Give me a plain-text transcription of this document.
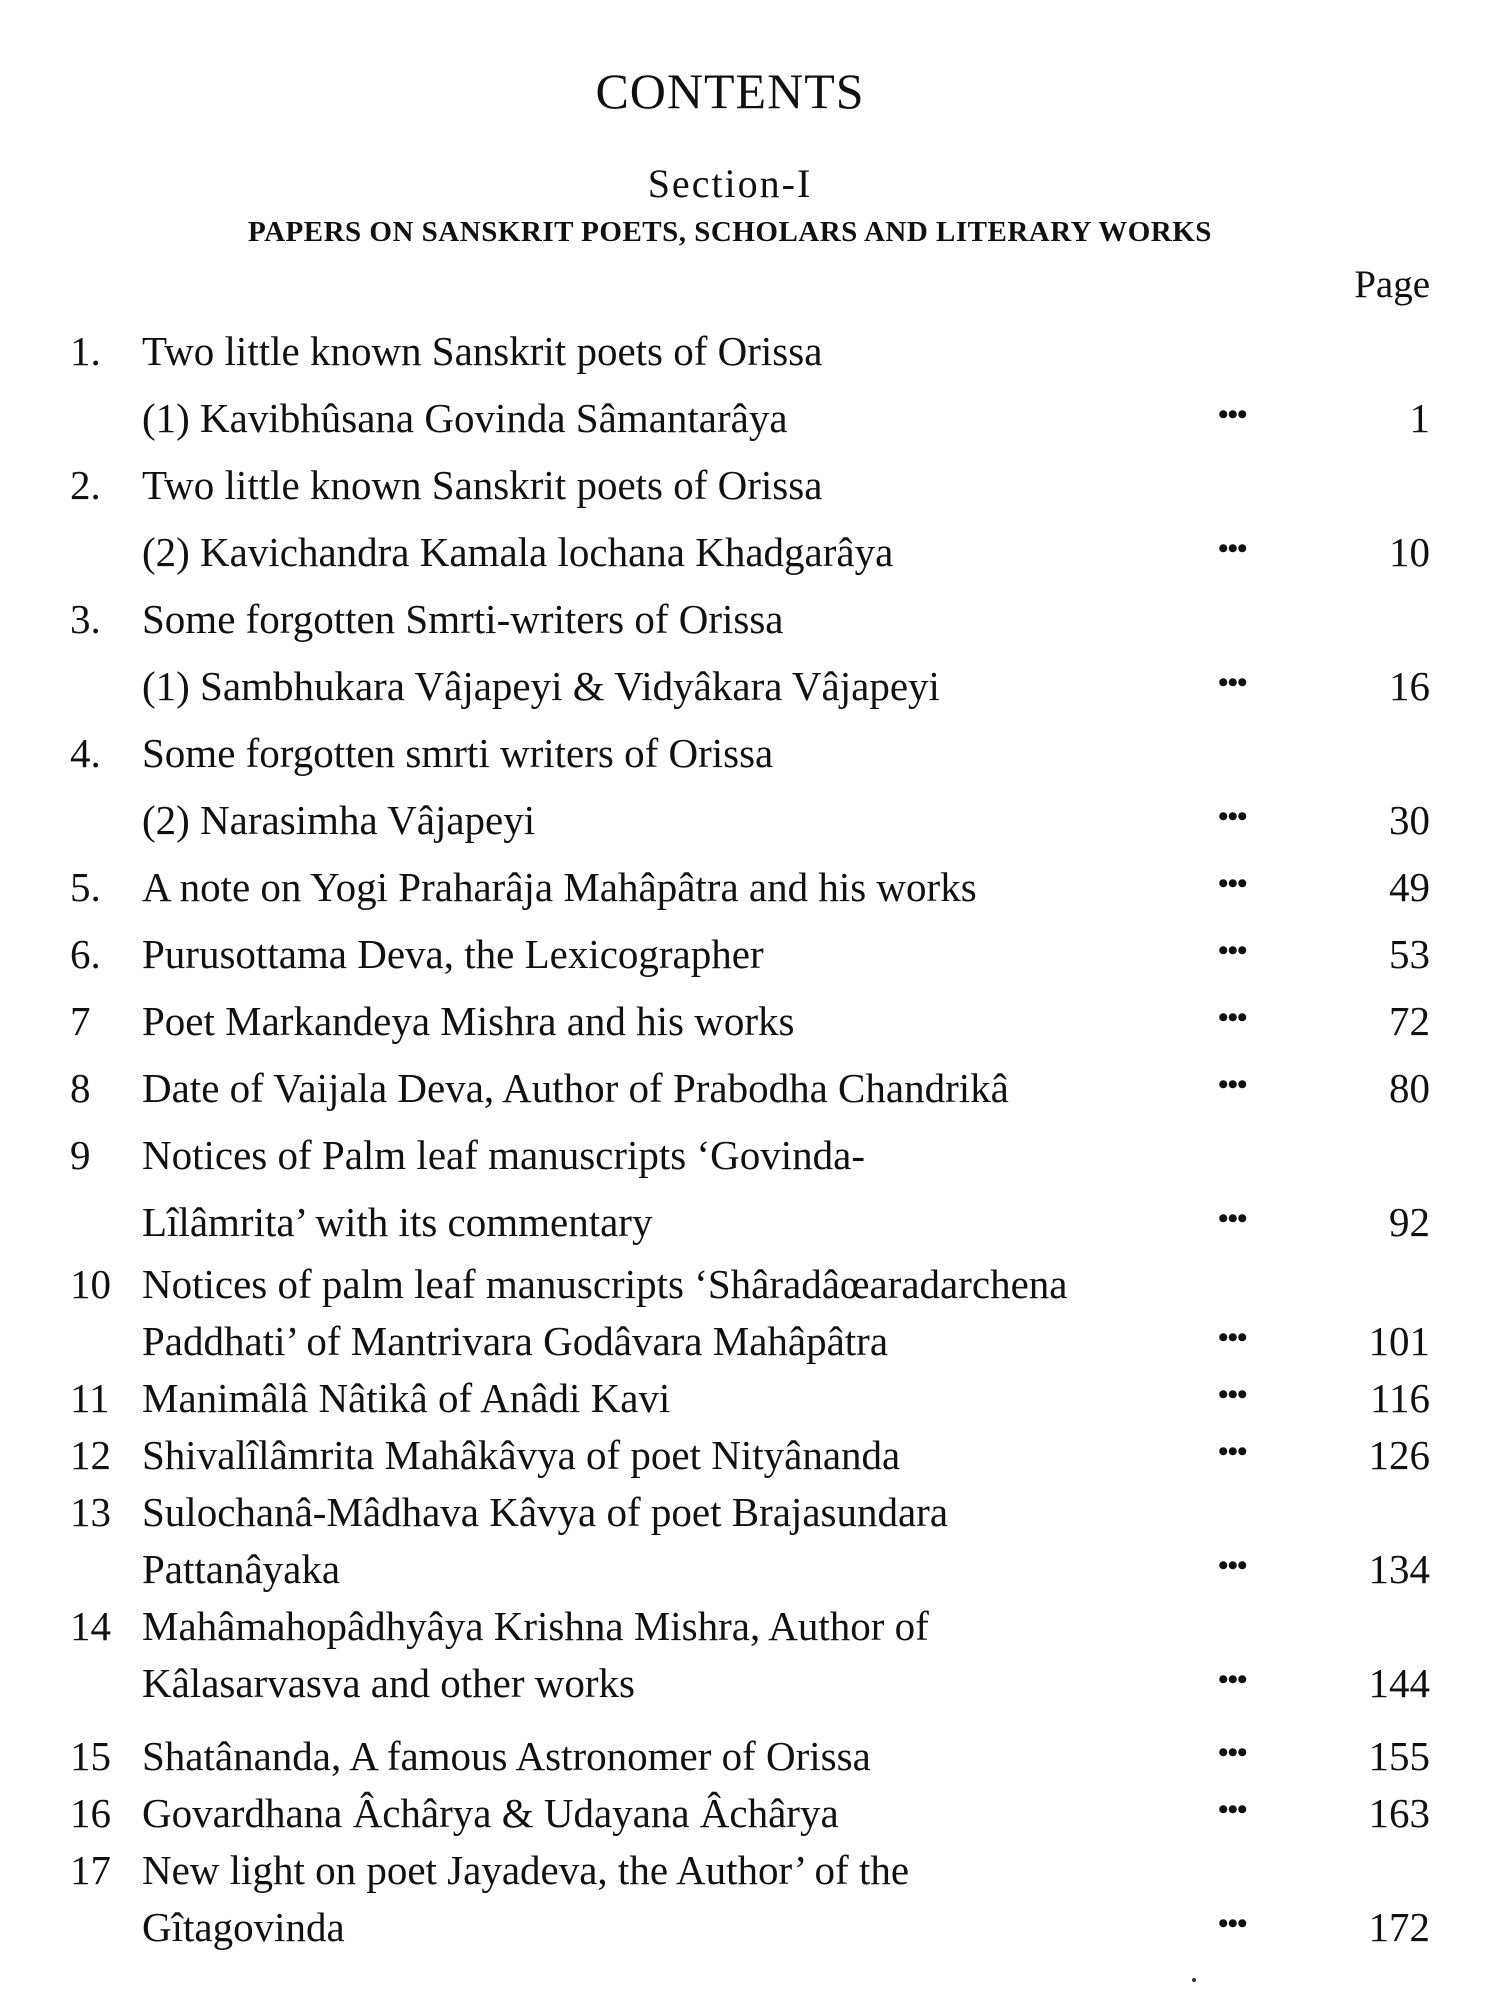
CONTENTS
Section-I
PAPERS ON SANSKRIT POETS, SCHOLARS AND LITERARY WORKS
Page
1. Two little known Sanskrit poets of Orissa
(1) Kavibhûsana Govinda Sâmantarâya	•••	1
2. Two little known Sanskrit poets of Orissa
(2) Kavichandra Kamala lochana Khadgarâya	•••	10
3. Some forgotten Smrti-writers of Orissa
(1) Sambhukara Vâjapeyi & Vidyâkara Vâjapeyi	•••	16
4. Some forgotten smrti writers of Orissa
(2) Narasimha Vâjapeyi	•••	30
5. A note on Yogi Praharâja Mahâpâtra and his works	•••	49
6. Purusottama Deva, the Lexicographer	•••	53
7 Poet Markandeya Mishra and his works	•••	72
8 Date of Vaijala Deva, Author of Prabodha Chandrikâ	•••	80
9 Notices of Palm leaf manuscripts ‘Govinda-
Lîlâmrita’ with its commentary	•••	92
10 Notices of palm leaf manuscripts ‘Shâradâœaradarchena
Paddhati’ of Mantrivara Godâvara Mahâpâtra	•••	101
11 Manimâlâ Nâtikâ of Anâdi Kavi	•••	116
12 Shivalîlâmrita Mahâkâvya of poet Nityânanda	•••	126
13 Sulochanâ-Mâdhava Kâvya of poet Brajasundara
Pattanâyaka	•••	134
14 Mahâmahopâdhyâya Krishna Mishra, Author of
Kâlasarvasva and other works	•••	144
15 Shatânanda, A famous Astronomer of Orissa	•••	155
16 Govardhana Âchârya & Udayana Âchârya	•••	163
17 New light on poet Jayadeva, the Author’ of the
Gîtagovinda	•••	172
